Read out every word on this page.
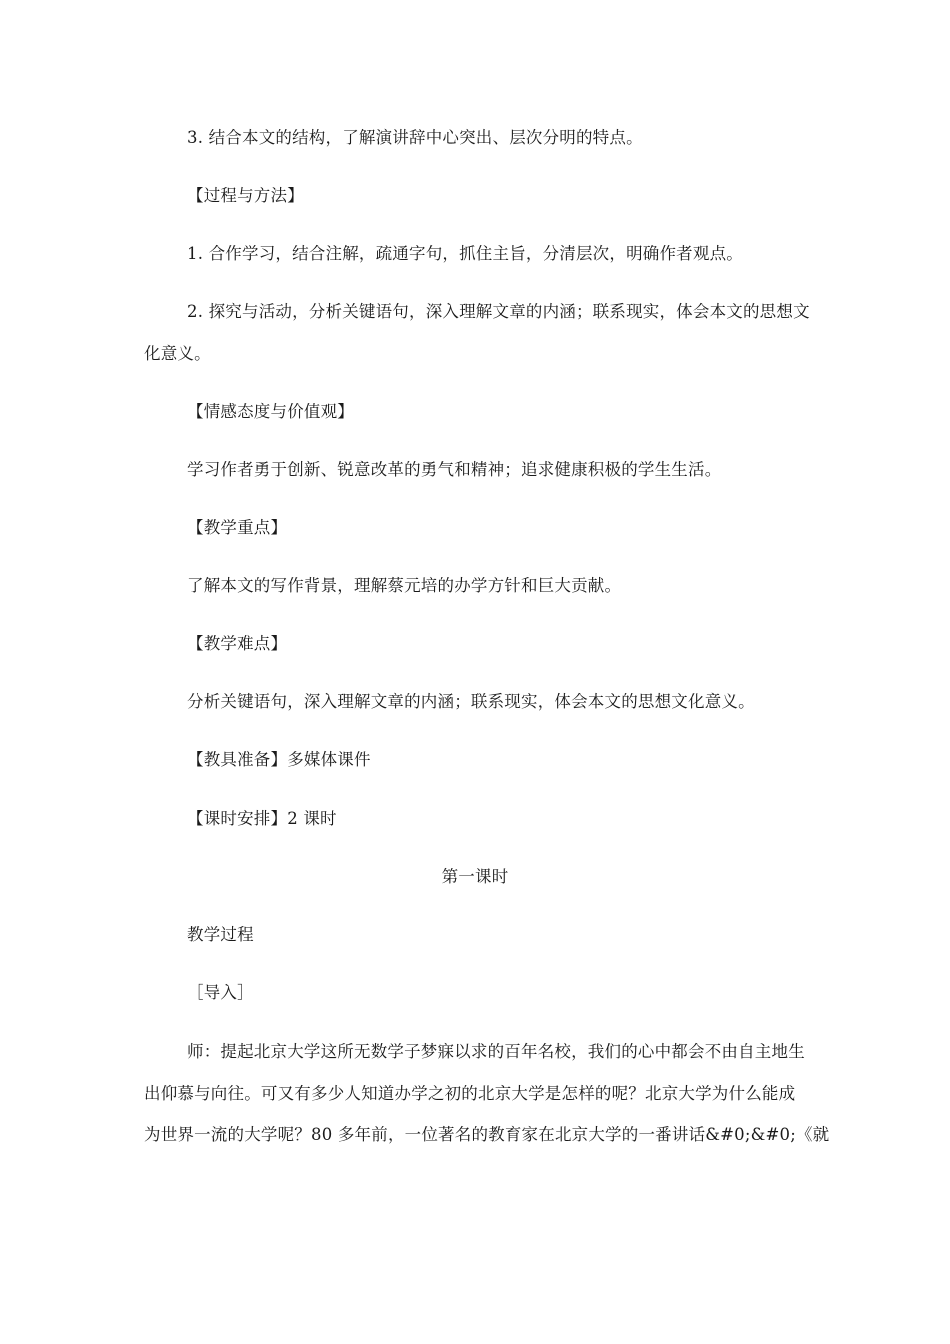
3. 结合本文的结构，了解演讲辞中心突出、层次分明的特点。
【过程与方法】
1. 合作学习，结合注解，疏通字句，抓住主旨，分清层次，明确作者观点。
2. 探究与活动，分析关键语句，深入理解文章的内涵；联系现实，体会本文的思想文
化意义。
【情感态度与价值观】
学习作者勇于创新、锐意改革的勇气和精神；追求健康积极的学生生活。
【教学重点】
了解本文的写作背景，理解蔡元培的办学方针和巨大贡献。
【教学难点】
分析关键语句，深入理解文章的内涵；联系现实，体会本文的思想文化意义。
【教具准备】多媒体课件
【课时安排】2 课时
第一课时
教学过程
［导入］
师：提起北京大学这所无数学子梦寐以求的百年名校，我们的心中都会不由自主地生
出仰慕与向往。可又有多少人知道办学之初的北京大学是怎样的呢？北京大学为什么能成
为世界一流的大学呢？80 多年前，一位著名的教育家在北京大学的一番讲话&#0;&#0;《就
